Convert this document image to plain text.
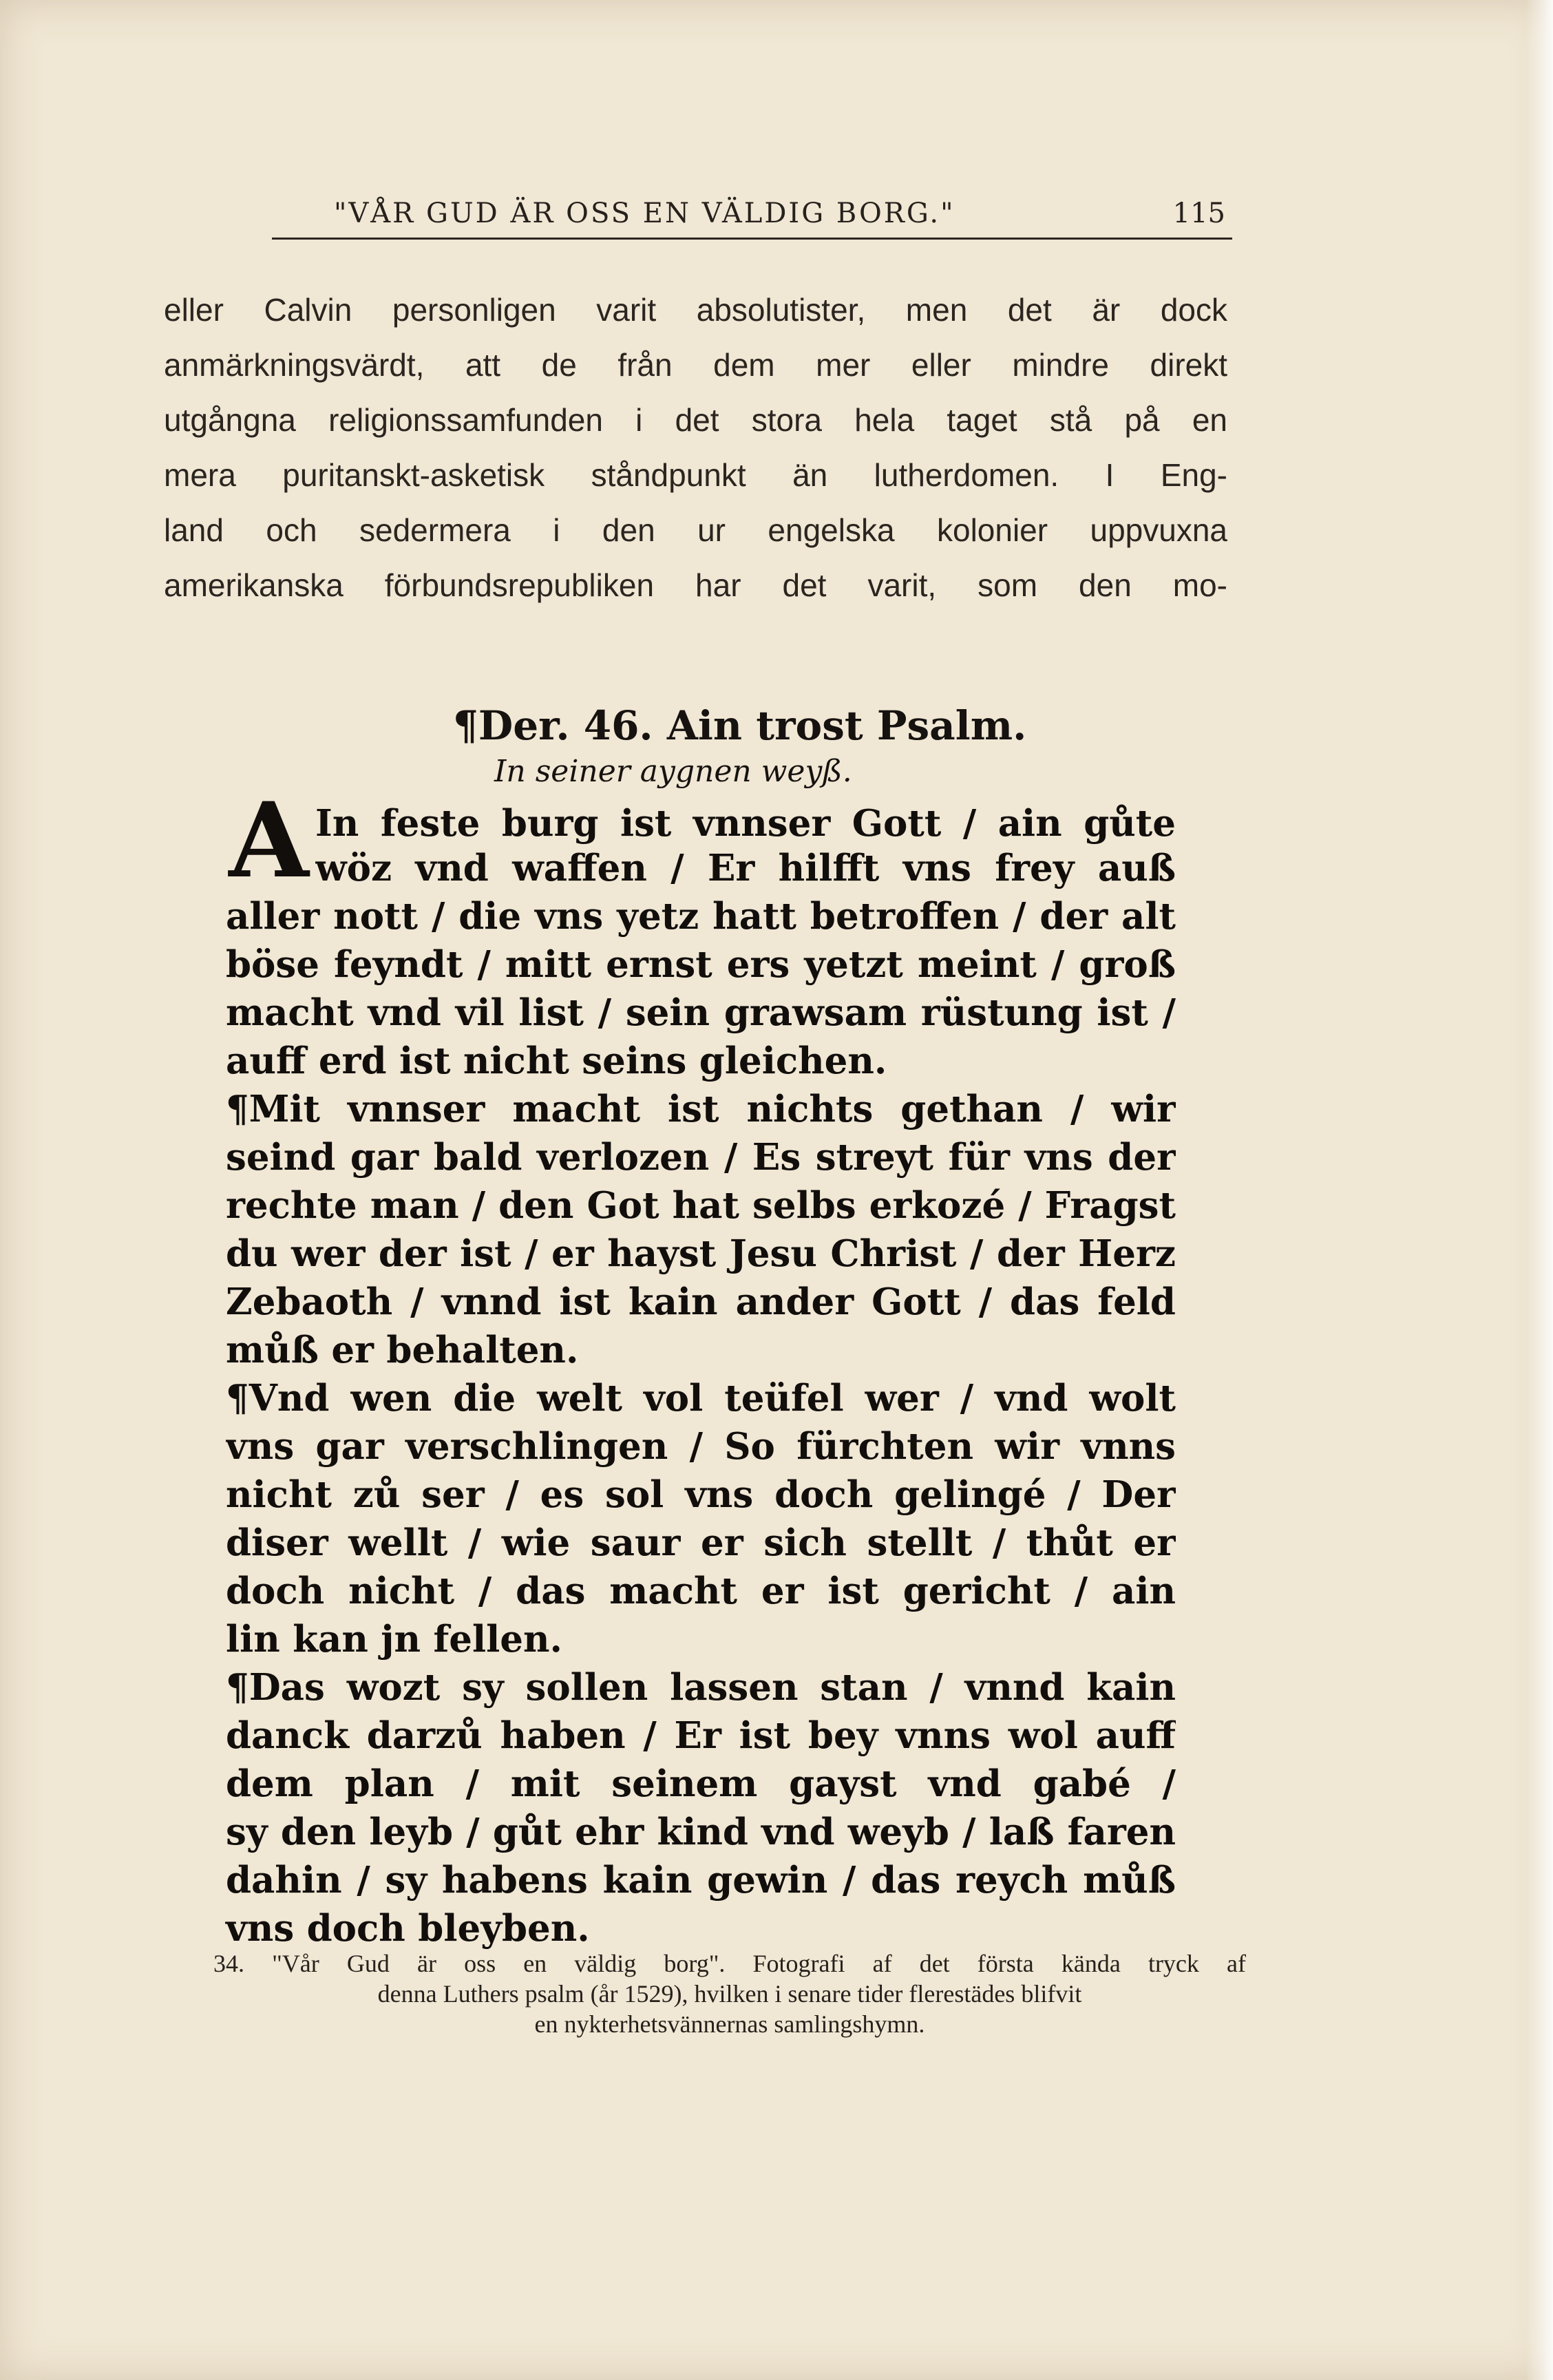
"VÅR GUD ÄR OSS EN VÄLDIG BORG."	115
eller Calvin personligen varit absolutister, men det är dock
anmärkningsvärdt, att de från dem mer eller mindre direkt
utgångna religionssamfunden i det stora hela taget stå på en
mera puritanskt-asketisk ståndpunkt än lutherdomen. I Eng-
land och sedermera i den ur engelska kolonier uppvuxna
amerikanska förbundsrepubliken har det varit, som den mo-
¶Der. 46. Ain trost Psalm.
In seiner aygnen weyß.
A In feste burg ist vnnser Gott / ain gůte
wöz vnd waffen / Er hilfft vns frey auß
aller nott / die vns yetz hatt betroffen / der alt
böse feyndt / mitt ernst ers yetzt meint / groß
macht vnd vil list / sein grawsam rüstung ist /
auff erd ist nicht seins gleichen.
¶Mit vnnser macht ist nichts gethan / wir
seind gar bald verlozen / Es streyt für vns der
rechte man / den Got hat selbs erkozé / Fragst
du wer der ist / er hayst Jesu Christ / der Herz
Zebaoth / vnnd ist kain ander Gott / das feld
můß er behalten.
¶Vnd wen die welt vol teüfel wer / vnd wolt
vns gar verschlingen / So fürchten wir vnns
nicht zů ser / es sol vns doch gelingé / Der
diser wellt / wie saur er sich stellt / thůt er
doch nicht / das macht er ist gericht / ain
lin kan jn fellen.
¶Das wozt sy sollen lassen stan / vnnd kain
danck darzů haben / Er ist bey vnns wol auff
dem plan / mit seinem gayst vnd gabé /
sy den leyb / gůt ehr kind vnd weyb / laß faren
dahin / sy habens kain gewin / das reych můß
vns doch bleyben.
34. "Vår Gud är oss en väldig borg". Fotografi af det första kända tryck af
denna Luthers psalm (år 1529), hvilken i senare tider flerestädes blifvit
en nykterhetsvännernas samlingshymn.
